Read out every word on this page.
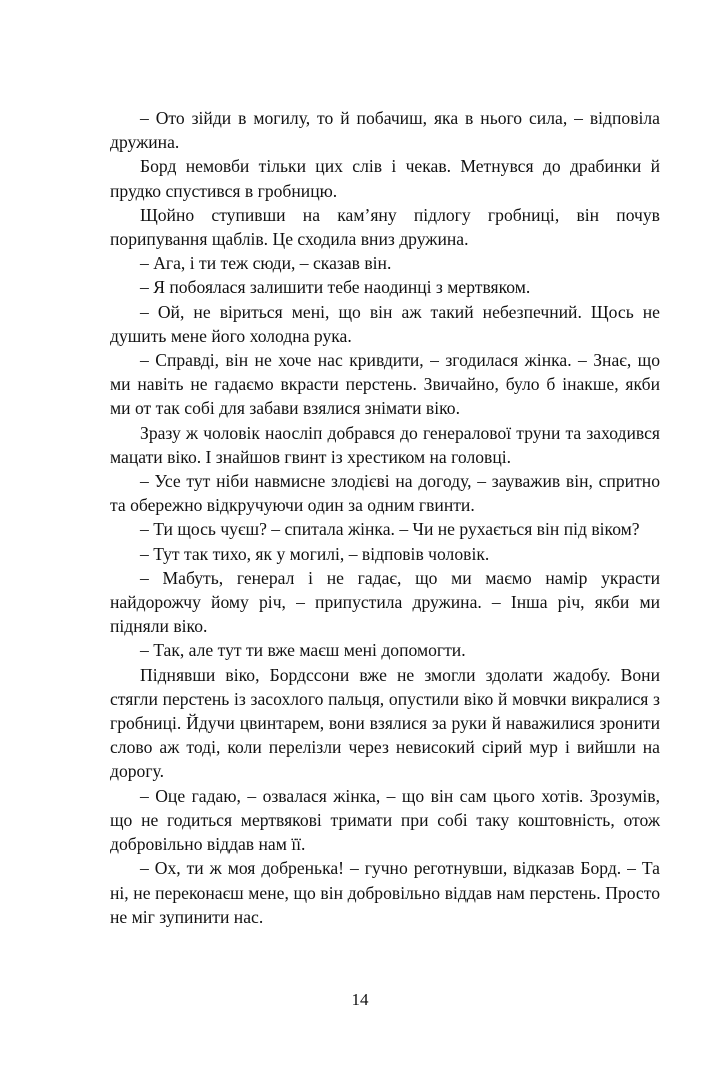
– Ото зійди в могилу, то й побачиш, яка в нього сила, – відповіла дружина.

Борд немовби тільки цих слів і чекав. Метнувся до драбинки й прудко спустився в гробницю.

Щойно ступивши на кам’яну підлогу гробниці, він почув порипування щаблів. Це сходила вниз дружина.

– Ага, і ти теж сюди, – сказав він.

– Я побоялася залишити тебе наодинці з мертвяком.

– Ой, не віриться мені, що він аж такий небезпечний. Щось не душить мене його холодна рука.

– Справді, він не хоче нас кривдити, – згодилася жінка. – Знає, що ми навіть не гадаємо вкрасти перстень. Звичайно, було б інакше, якби ми от так собі для забави взялися знімати віко.

Зразу ж чоловік наосліп добрався до генералової труни та заходився мацати віко. І знайшов гвинт із хрестиком на головці.

– Усе тут ніби навмисне злодієві на догоду, – зауважив він, спритно та обережно відкручуючи один за одним гвинти.

– Ти щось чуєш? – спитала жінка. – Чи не рухається він під віком?

– Тут так тихо, як у могилі, – відповів чоловік.

– Мабуть, генерал і не гадає, що ми маємо намір украсти найдорожчу йому річ, – припустила дружина. – Інша річ, якби ми підняли віко.

– Так, але тут ти вже маєш мені допомогти.

Піднявши віко, Бордссони вже не змогли здолати жадобу. Вони стягли перстень із засохлого пальця, опустили віко й мовчки викралися з гробниці. Йдучи цвинтарем, вони взялися за руки й наважилися зронити слово аж тоді, коли перелізли через невисокий сірий мур і вийшли на дорогу.

– Оце гадаю, – озвалася жінка, – що він сам цього хотів. Зрозумів, що не годиться мертвякові тримати при собі таку коштовність, отож добровільно віддав нам її.

– Ох, ти ж моя добренька! – гучно реготнувши, відказав Борд. – Та ні, не переконаєш мене, що він добровільно віддав нам перстень. Просто не міг зупинити нас.

14
